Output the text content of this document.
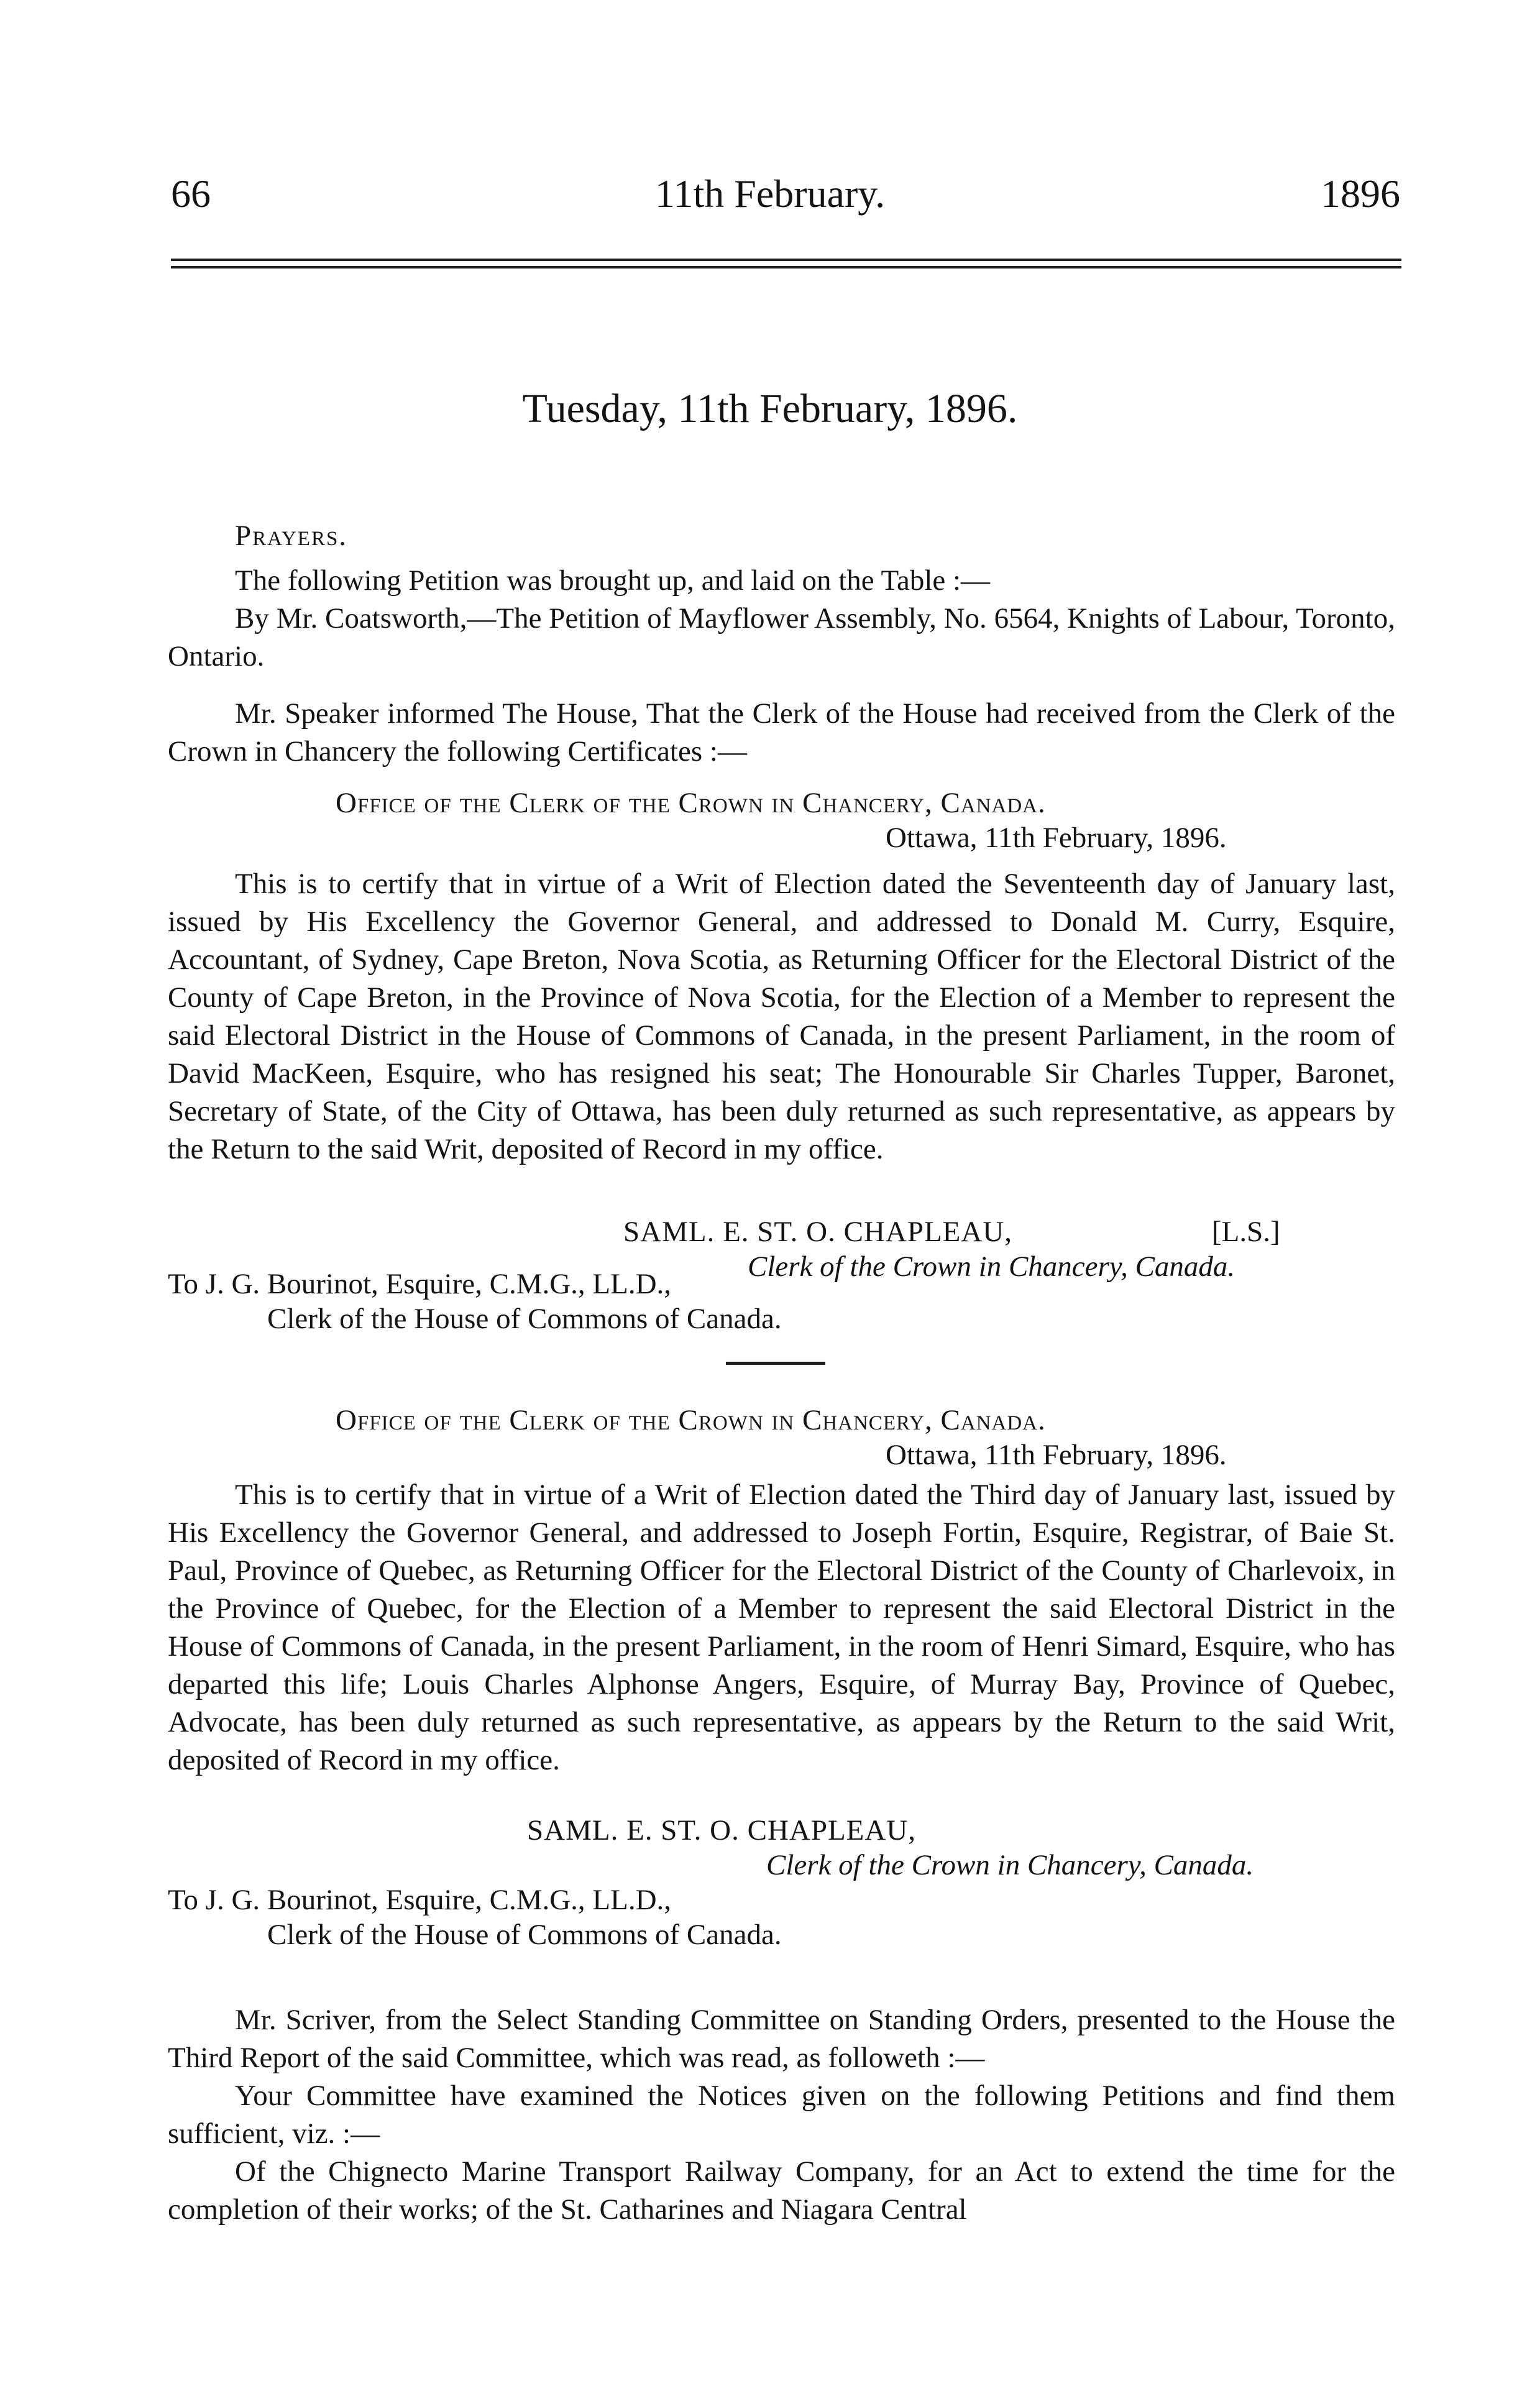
66	11th February.	1896
Tuesday, 11th February, 1896.
Prayers.

The following Petition was brought up, and laid on the Table :—

By Mr. Coatsworth,—The Petition of Mayflower Assembly, No. 6564, Knights of Labour, Toronto, Ontario.

Mr. Speaker informed The House, That the Clerk of the House had received from the Clerk of the Crown in Chancery the following Certificates :—

Office of the Clerk of the Crown in Chancery, Canada.
Ottawa, 11th February, 1896.

This is to certify that in virtue of a Writ of Election dated the Seventeenth day of January last, issued by His Excellency the Governor General, and addressed to Donald M. Curry, Esquire, Accountant, of Sydney, Cape Breton, Nova Scotia, as Returning Officer for the Electoral District of the County of Cape Breton, in the Province of Nova Scotia, for the Election of a Member to represent the said Electoral District in the House of Commons of Canada, in the present Parliament, in the room of David MacKeen, Esquire, who has resigned his seat; The Honourable Sir Charles Tupper, Baronet, Secretary of State, of the City of Ottawa, has been duly returned as such representative, as appears by the Return to the said Writ, deposited of Record in my office.

SAML. E. ST. O. CHAPLEAU,	[L.S.]
Clerk of the Crown in Chancery, Canada.
To J. G. Bourinot, Esquire, C.M.G., LL.D.,
Clerk of the House of Commons of Canada.
Office of the Clerk of the Crown in Chancery, Canada.
Ottawa, 11th February, 1896.

This is to certify that in virtue of a Writ of Election dated the Third day of January last, issued by His Excellency the Governor General, and addressed to Joseph Fortin, Esquire, Registrar, of Baie St. Paul, Province of Quebec, as Returning Officer for the Electoral District of the County of Charlevoix, in the Province of Quebec, for the Election of a Member to represent the said Electoral District in the House of Commons of Canada, in the present Parliament, in the room of Henri Simard, Esquire, who has departed this life; Louis Charles Alphonse Angers, Esquire, of Murray Bay, Province of Quebec, Advocate, has been duly returned as such representative, as appears by the Return to the said Writ, deposited of Record in my office.

SAML. E. ST. O. CHAPLEAU,
Clerk of the Crown in Chancery, Canada.
To J. G. Bourinot, Esquire, C.M.G., LL.D.,
Clerk of the House of Commons of Canada.

Mr. Scriver, from the Select Standing Committee on Standing Orders, presented to the House the Third Report of the said Committee, which was read, as followeth :—

Your Committee have examined the Notices given on the following Petitions and find them sufficient, viz. :—

Of the Chignecto Marine Transport Railway Company, for an Act to extend the time for the completion of their works; of the St. Catharines and Niagara Central
